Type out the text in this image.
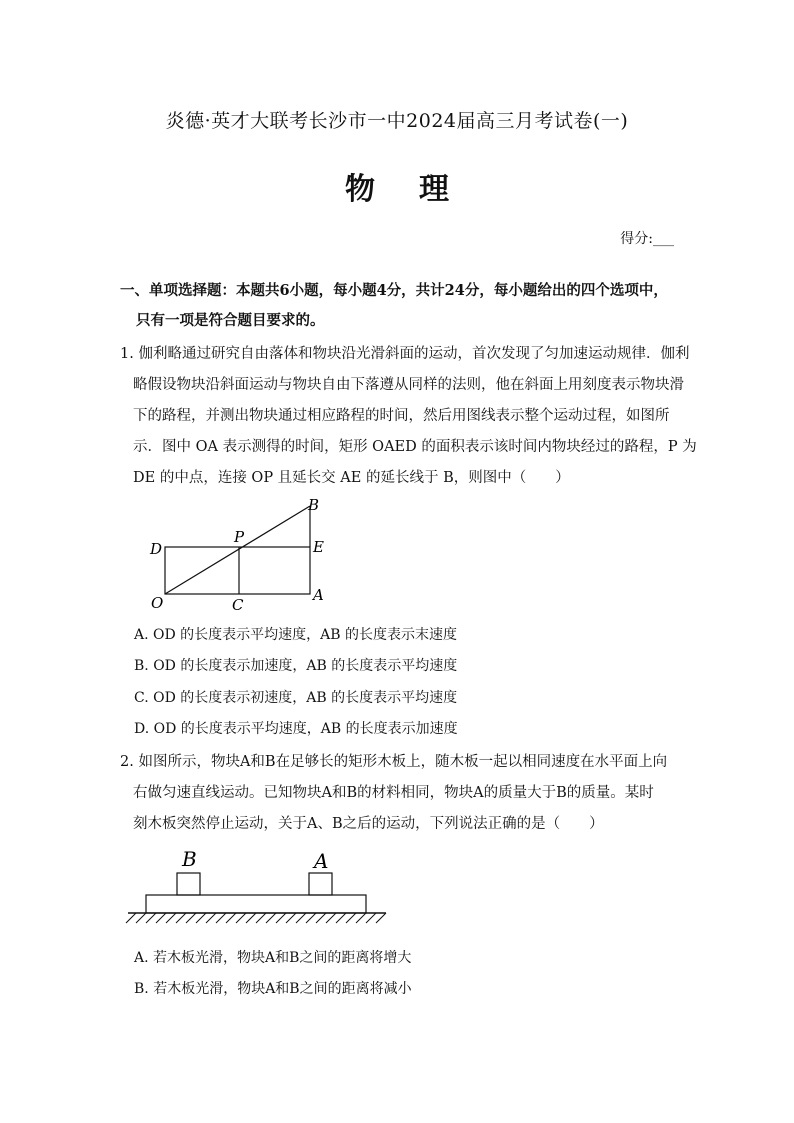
炎德·英才大联考长沙市一中2024届高三月考试卷(一)
物 理
得分:___
一、单项选择题：本题共6小题，每小题4分，共计24分，每小题给出的四个选项中，
只有一项是符合题目要求的。
1. 伽利略通过研究自由落体和物块沿光滑斜面的运动，首次发现了匀加速运动规律．伽利
略假设物块沿斜面运动与物块自由下落遵从同样的法则，他在斜面上用刻度表示物块滑
下的路程，并测出物块通过相应路程的时间，然后用图线表示整个运动过程，如图所
示．图中 OA 表示测得的时间，矩形 OAED 的面积表示该时间内物块经过的路程，P 为
DE 的中点，连接 OP 且延长交 AE 的延长线于 B，则图中（　　）
B
P
D	E
O	C
A
A. OD 的长度表示平均速度，AB 的长度表示末速度
B. OD 的长度表示加速度，AB 的长度表示平均速度
C. OD 的长度表示初速度，AB 的长度表示平均速度
D. OD 的长度表示平均速度，AB 的长度表示加速度
2. 如图所示，物块A和B在足够长的矩形木板上，随木板一起以相同速度在水平面上向
右做匀速直线运动。已知物块A和B的材料相同，物块A的质量大于B的质量。某时
刻木板突然停止运动，关于A、B之后的运动，下列说法正确的是（　　）
B	A
A. 若木板光滑，物块A和B之间的距离将增大
B. 若木板光滑，物块A和B之间的距离将减小
